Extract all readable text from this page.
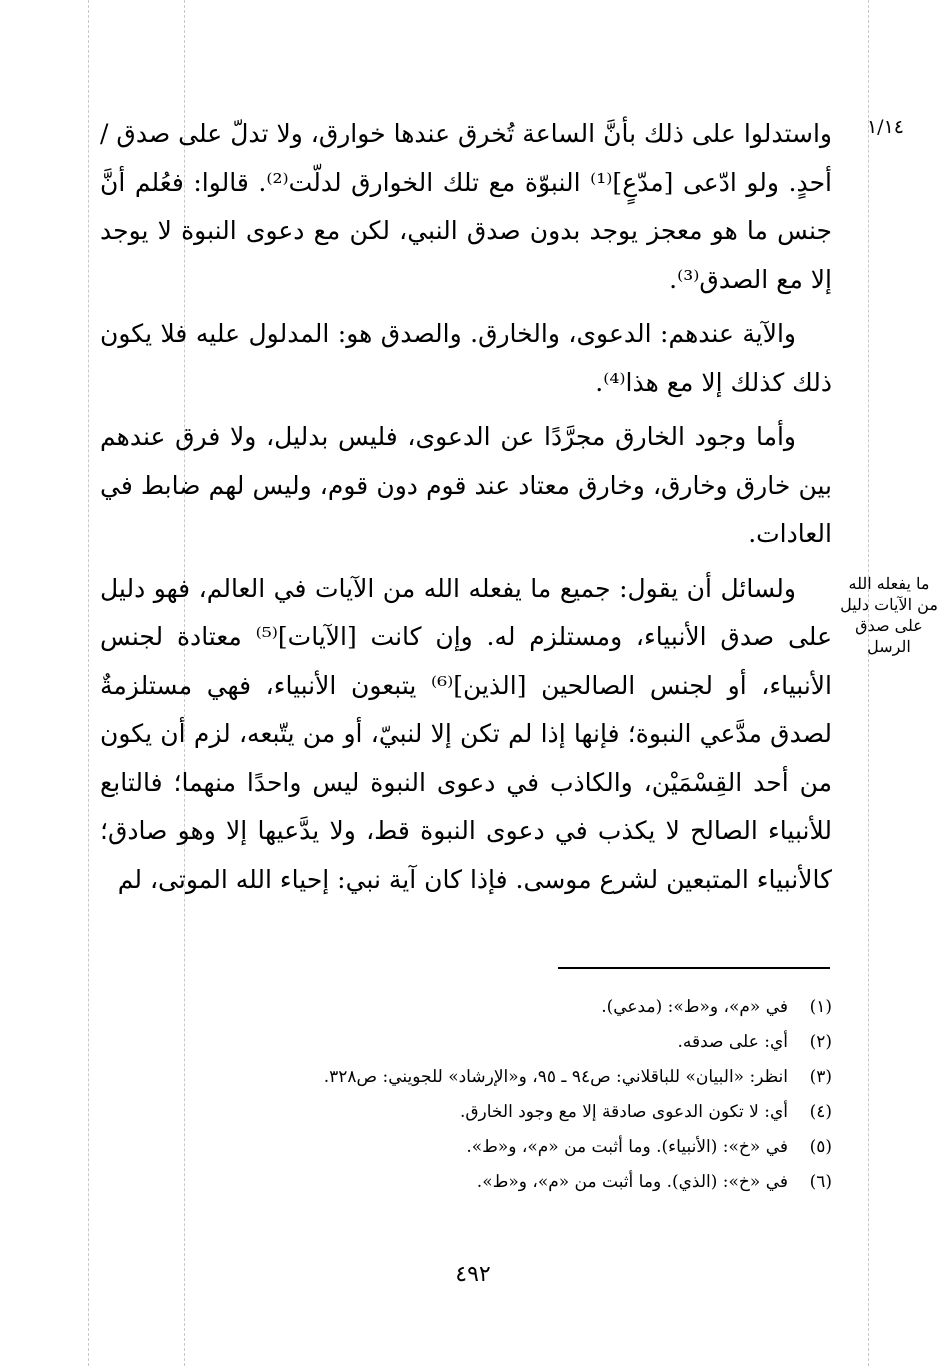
١/١٤
ما يفعله الله من الآيات دليل على صدق الرسل

واستدلوا على ذلك بأنَّ الساعة تُخرق عندها خوارق، ولا تدلّ على صدق / أحدٍ. ولو ادّعى [مدّعٍ]⁽¹⁾ النبوّة مع تلك الخوارق لدلّت⁽²⁾. قالوا: فعُلم أنَّ جنس ما هو معجز يوجد بدون صدق النبي، لكن مع دعوى النبوة لا يوجد إلا مع الصدق⁽³⁾.

والآية عندهم: الدعوى، والخارق. والصدق هو: المدلول عليه فلا يكون ذلك كذلك إلا مع هذا⁽⁴⁾.

وأما وجود الخارق مجرَّدًا عن الدعوى، فليس بدليل، ولا فرق عندهم بين خارق وخارق، وخارق معتاد عند قوم دون قوم، وليس لهم ضابط في العادات.

ولسائل أن يقول: جميع ما يفعله الله من الآيات في العالم، فهو دليل على صدق الأنبياء، ومستلزم له. وإن كانت [الآيات]⁽⁵⁾ معتادة لجنس الأنبياء، أو لجنس الصالحين [الذين]⁽⁶⁾ يتبعون الأنبياء، فهي مستلزمةٌ لصدق مدَّعي النبوة؛ فإنها إذا لم تكن إلا لنبيّ، أو من يتّبعه، لزم أن يكون من أحد القِسْمَيْن، والكاذب في دعوى النبوة ليس واحدًا منهما؛ فالتابع للأنبياء الصالح لا يكذب في دعوى النبوة قط، ولا يدَّعيها إلا وهو صادق؛ كالأنبياء المتبعين لشرع موسى. فإذا كان آية نبي: إحياء الله الموتى، لم

(١)
في «م»، و«ط»: (مدعي).
(٢)
أي: على صدقه.
(٣)
انظر: «البيان» للباقلاني: ص٩٤ ـ ٩٥، و«الإرشاد» للجويني: ص٣٢٨.
(٤)
أي: لا تكون الدعوى صادقة إلا مع وجود الخارق.
(٥)
في «خ»: (الأنبياء). وما أثبت من «م»، و«ط».
(٦)
في «خ»: (الذي). وما أثبت من «م»، و«ط».
٤٩٢
